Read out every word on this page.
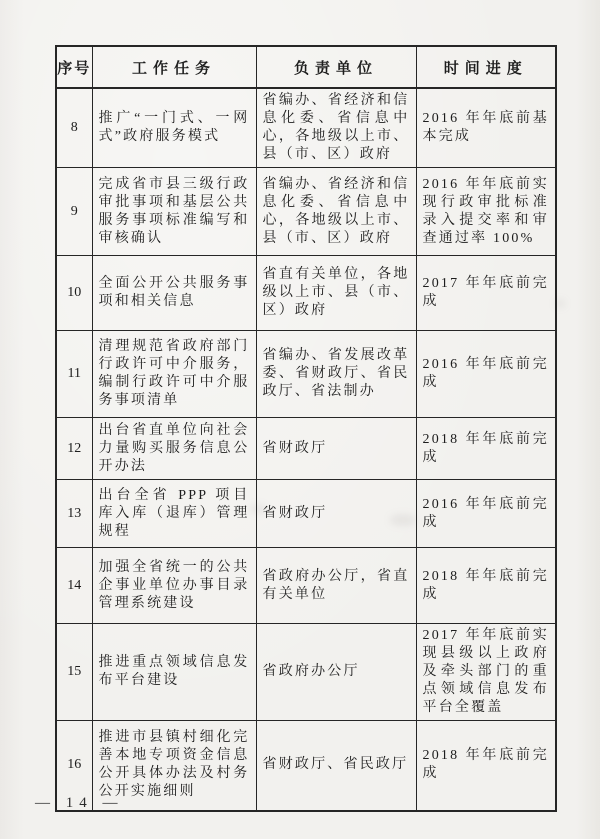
序号	工作任务	负责单位	时间进度
8	推广“一门式、一网式”政府服务模式	省编办、省经济和信息化委、省信息中心，各地级以上市、县（市、区）政府	2016 年年底前基本完成
9	完成省市县三级行政审批事项和基层公共服务事项标准编写和审核确认	省编办、省经济和信息化委、省信息中心，各地级以上市、县（市、区）政府	2016 年年底前实现行政审批标准录入提交率和审查通过率 100%
10	全面公开公共服务事项和相关信息	省直有关单位，各地级以上市、县（市、区）政府	2017 年年底前完成
11	清理规范省政府部门行政许可中介服务，编制行政许可中介服务事项清单	省编办、省发展改革委、省财政厅、省民政厅、省法制办	2016 年年底前完成
12	出台省直单位向社会力量购买服务信息公开办法	省财政厅	2018 年年底前完成
13	出台全省 PPP 项目库入库（退库）管理规程	省财政厅	2016 年年底前完成
14	加强全省统一的公共企事业单位办事目录管理系统建设	省政府办公厅，省直有关单位	2018 年年底前完成
15	推进重点领域信息发布平台建设	省政府办公厅	2017 年年底前实现县级以上政府及牵头部门的重点领域信息发布平台全覆盖
16	推进市县镇村细化完善本地专项资金信息公开具体办法及村务公开实施细则	省财政厅、省民政厅	2018 年年底前完成
— 14 —
